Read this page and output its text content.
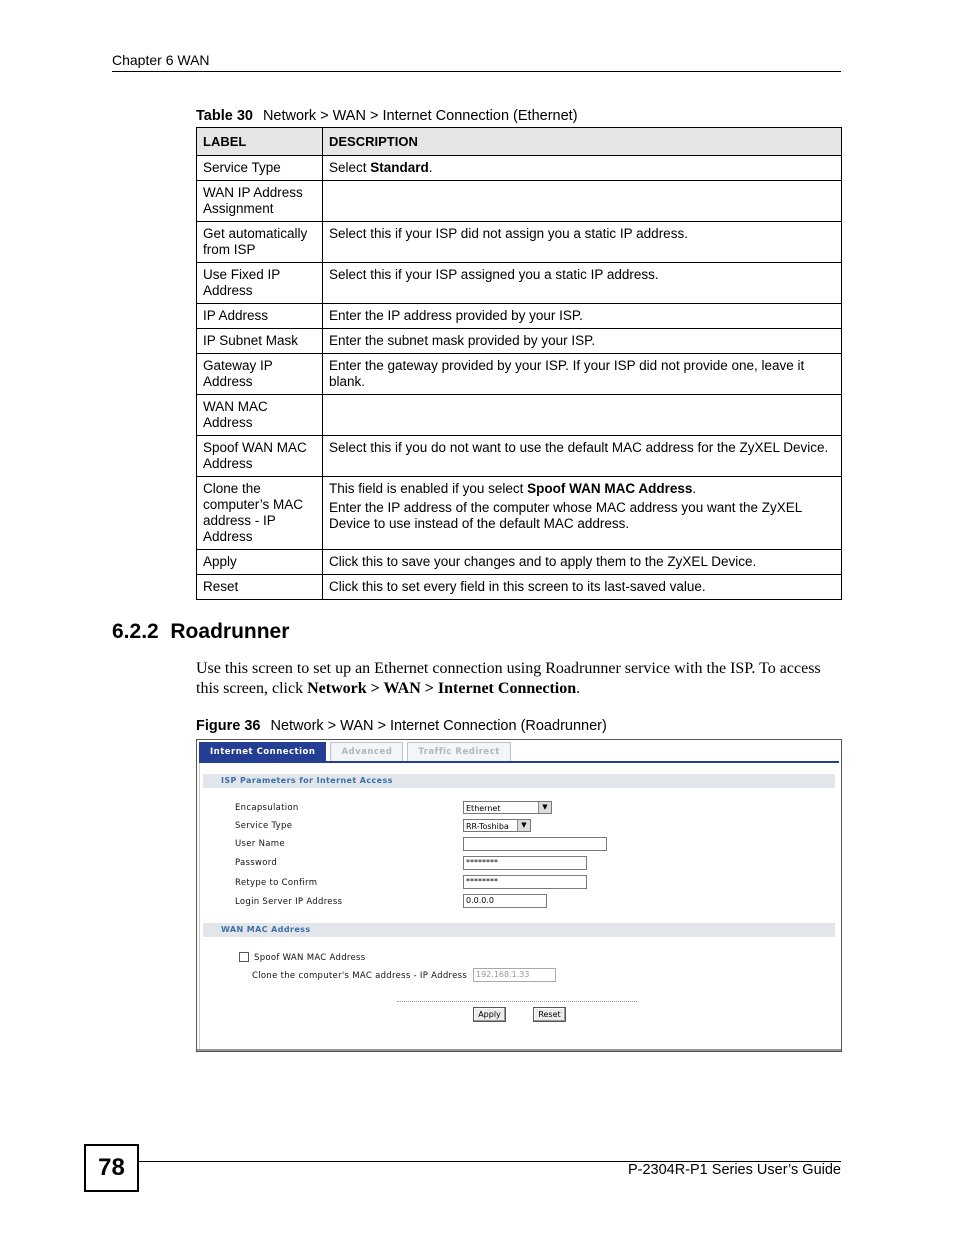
Chapter 6 WAN
Table 30 Network > WAN > Internet Connection (Ethernet)
LABEL	DESCRIPTION
Service Type	Select Standard.

WAN IP Address Assignment	
Get automatically from ISP	Select this if your ISP did not assign you a static IP address.

Use Fixed IP Address	Select this if your ISP assigned you a static IP address.

IP Address	Enter the IP address provided by your ISP.

IP Subnet Mask	Enter the subnet mask provided by your ISP.

Gateway IP Address	Enter the gateway provided by your ISP. If your ISP did not provide one, leave it blank.

WAN MAC Address	
Spoof WAN MAC Address	Select this if you do not want to use the default MAC address for the ZyXEL Device.

Clone the computer’s MAC address - IP Address	This field is enabled if you select Spoof WAN MAC Address.

Enter the IP address of the computer whose MAC address you want the ZyXEL Device to use instead of the default MAC address.

Apply	Click this to save your changes and to apply them to the ZyXEL Device.

Reset	Click this to set every field in this screen to its last-saved value.

6.2.2 Roadrunner
Use this screen to set up an Ethernet connection using Roadrunner service with the ISP. To access this screen, click Network > WAN > Internet Connection.
Figure 36 Network > WAN > Internet Connection (Roadrunner)
Internet Connection	Advanced	Traffic Redirect
ISP Parameters for Internet Access
Encapsulation	Ethernet	▼
Service Type	RR-Toshiba	▼
User Name
Password	********
Retype to Confirm	********
Login Server IP Address	0.0.0.0
WAN MAC Address
Spoof WAN MAC Address
Clone the computer's MAC address - IP Address	192.168.1.33
Apply	Reset
78	P-2304R-P1 Series User’s Guide
